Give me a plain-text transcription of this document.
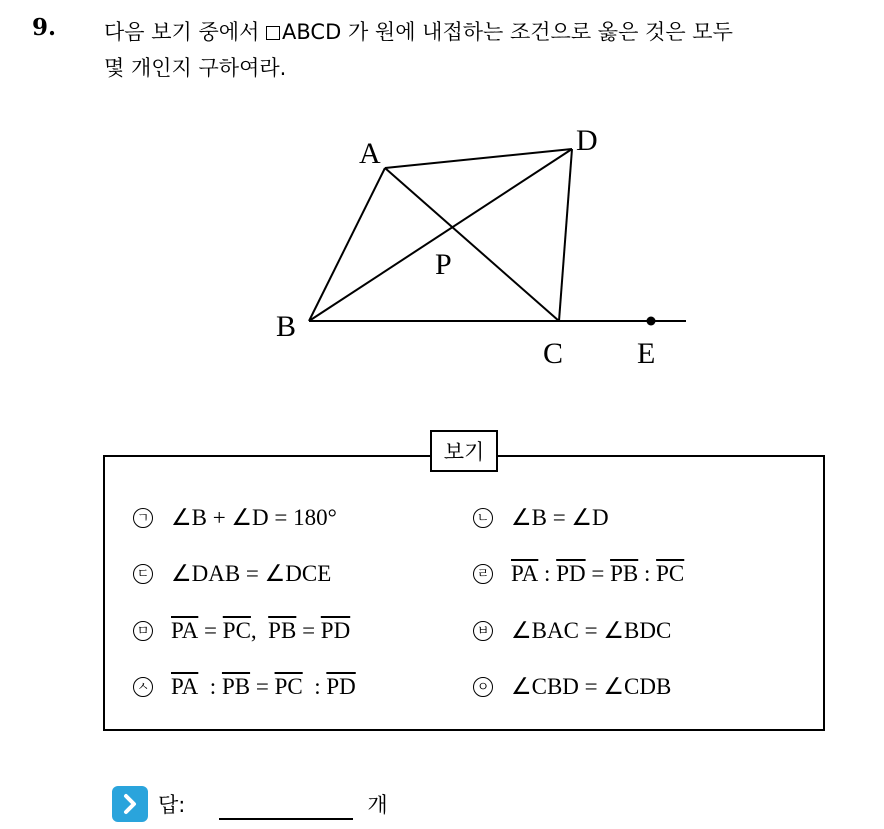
9. 다음 보기 중에서 ABCD 가 원에 내접하는 조건으로 옳은 것은 모두
몇 개인지 구하여라.
A	D
P
B
C E
보기
ㄱ ∠B + ∠D = 180°	ㄴ ∠B = ∠D
ㄷ ∠DAB = ∠DCE	ㄹ $\overline{PA}$ : $\overline{PD} = \overline{PB}$ : $\overline{PC}$
ㅁ $\overline{PA} = \overline{PC}$ , $\overline{PB} = \overline{PD}$	ㅂ ∠BAC = ∠BDC
ㅅ $\overline{PA}$ : $\overline{PB} = \overline{PC}$ : $\overline{PD}$	ㅇ ∠CBD = ∠CDB
답:	개
